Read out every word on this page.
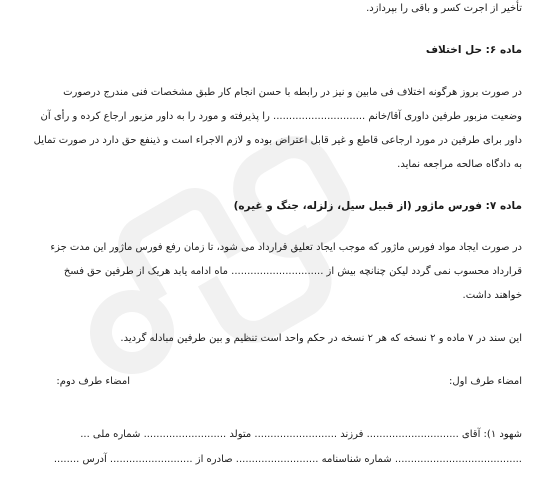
تأخیر از اجرت کسر و باقی را بپردازد.
ماده ۶: حل اختلاف
در صورت بروز هرگونه اختلاف فی مابین و نیز در رابطه با حسن انجام کار طبق مشخصات فنی مندرج درصورت
وضعیت مزبور طرفین داوری آقا/خانم ............................. را پذیرفته و مورد را به داور مزبور ارجاع کرده و رأی آن
داور برای طرفین در مورد ارجاعی قاطع و غیر قابل اعتراض بوده و لازم الاجراء است و ذینفع حق دارد در صورت تمایل
به دادگاه صالحه مراجعه نماید.
ماده ۷: فورس ماژور (از قبیل سیل، زلزله، جنگ و غیره)
در صورت ایجاد مواد فورس ماژور که موجب ایجاد تعلیق قرارداد می شود، تا زمان رفع فورس ماژور این مدت جزء
قرارداد محسوب نمی گردد لیکن چنانچه بیش از ............................. ماه ادامه یابد هریک از طرفین حق فسخ
خواهند داشت.
این سند در ۷ ماده و ۲ نسخه که هر ۲ نسخه در حکم واحد است تنظیم و بین طرفین مبادله گردید.
امضاء طرف اول:
امضاء طرف دوم:
شهود ۱): آقای ............................. فرزند .......................... متولد .......................... شماره ملی ...
........................................ شماره شناسنامه .......................... صادره از .......................... آدرس ........
